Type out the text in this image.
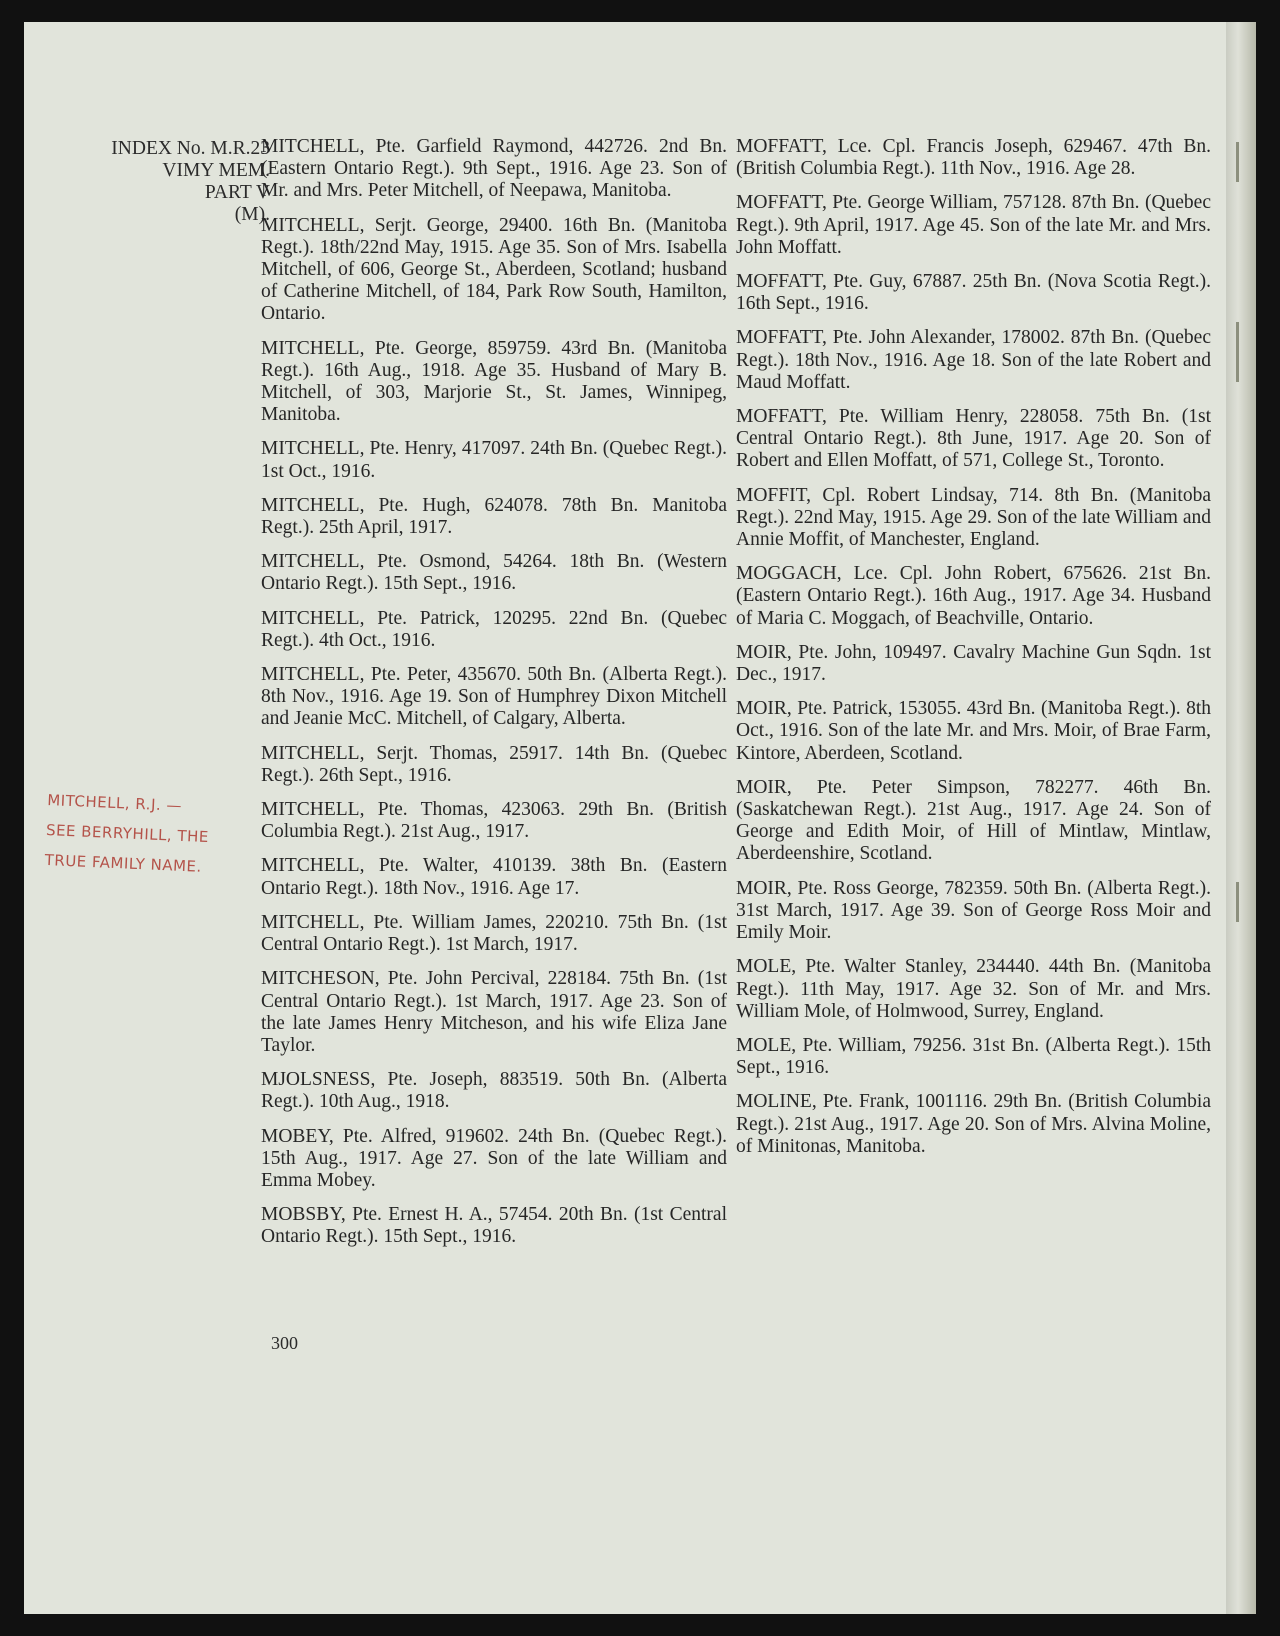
INDEX No. M.R.23
VIMY MEM.
PART V
(M).

MITCHELL, Pte. Garfield Raymond, 442726. 2nd Bn. (Eastern Ontario Regt.). 9th Sept., 1916. Age 23. Son of Mr. and Mrs. Peter Mitchell, of Neepawa, Manitoba.

MITCHELL, Serjt. George, 29400. 16th Bn. (Manitoba Regt.). 18th/22nd May, 1915. Age 35. Son of Mrs. Isabella Mitchell, of 606, George St., Aberdeen, Scotland; husband of Catherine Mitchell, of 184, Park Row South, Hamilton, Ontario.

MITCHELL, Pte. George, 859759. 43rd Bn. (Manitoba Regt.). 16th Aug., 1918. Age 35. Husband of Mary B. Mitchell, of 303, Marjorie St., St. James, Winnipeg, Manitoba.

MITCHELL, Pte. Henry, 417097. 24th Bn. (Quebec Regt.). 1st Oct., 1916.

MITCHELL, Pte. Hugh, 624078. 78th Bn. Manitoba Regt.). 25th April, 1917.

MITCHELL, Pte. Osmond, 54264. 18th Bn. (Western Ontario Regt.). 15th Sept., 1916.

MITCHELL, Pte. Patrick, 120295. 22nd Bn. (Quebec Regt.). 4th Oct., 1916.

MITCHELL, Pte. Peter, 435670. 50th Bn. (Alberta Regt.). 8th Nov., 1916. Age 19. Son of Humphrey Dixon Mitchell and Jeanie McC. Mitchell, of Calgary, Alberta.

MITCHELL, Serjt. Thomas, 25917. 14th Bn. (Quebec Regt.). 26th Sept., 1916.

MITCHELL, Pte. Thomas, 423063. 29th Bn. (British Columbia Regt.). 21st Aug., 1917.

MITCHELL, Pte. Walter, 410139. 38th Bn. (Eastern Ontario Regt.). 18th Nov., 1916. Age 17.

MITCHELL, Pte. William James, 220210. 75th Bn. (1st Central Ontario Regt.). 1st March, 1917.

MITCHESON, Pte. John Percival, 228184. 75th Bn. (1st Central Ontario Regt.). 1st March, 1917. Age 23. Son of the late James Henry Mitcheson, and his wife Eliza Jane Taylor.

MJOLSNESS, Pte. Joseph, 883519. 50th Bn. (Alberta Regt.). 10th Aug., 1918.

MOBEY, Pte. Alfred, 919602. 24th Bn. (Quebec Regt.). 15th Aug., 1917. Age 27. Son of the late William and Emma Mobey.

MOBSBY, Pte. Ernest H. A., 57454. 20th Bn. (1st Central Ontario Regt.). 15th Sept., 1916.

MOFFATT, Lce. Cpl. Francis Joseph, 629467. 47th Bn. (British Columbia Regt.). 11th Nov., 1916. Age 28.

MOFFATT, Pte. George William, 757128. 87th Bn. (Quebec Regt.). 9th April, 1917. Age 45. Son of the late Mr. and Mrs. John Moffatt.

MOFFATT, Pte. Guy, 67887. 25th Bn. (Nova Scotia Regt.). 16th Sept., 1916.

MOFFATT, Pte. John Alexander, 178002. 87th Bn. (Quebec Regt.). 18th Nov., 1916. Age 18. Son of the late Robert and Maud Moffatt.

MOFFATT, Pte. William Henry, 228058. 75th Bn. (1st Central Ontario Regt.). 8th June, 1917. Age 20. Son of Robert and Ellen Moffatt, of 571, College St., Toronto.

MOFFIT, Cpl. Robert Lindsay, 714. 8th Bn. (Manitoba Regt.). 22nd May, 1915. Age 29. Son of the late William and Annie Moffit, of Manchester, England.

MOGGACH, Lce. Cpl. John Robert, 675626. 21st Bn. (Eastern Ontario Regt.). 16th Aug., 1917. Age 34. Husband of Maria C. Moggach, of Beachville, Ontario.

MOIR, Pte. John, 109497. Cavalry Machine Gun Sqdn. 1st Dec., 1917.

MOIR, Pte. Patrick, 153055. 43rd Bn. (Manitoba Regt.). 8th Oct., 1916. Son of the late Mr. and Mrs. Moir, of Brae Farm, Kintore, Aberdeen, Scotland.

MOIR, Pte. Peter Simpson, 782277. 46th Bn. (Saskatchewan Regt.). 21st Aug., 1917. Age 24. Son of George and Edith Moir, of Hill of Mintlaw, Mintlaw, Aberdeenshire, Scotland.

MOIR, Pte. Ross George, 782359. 50th Bn. (Alberta Regt.). 31st March, 1917. Age 39. Son of George Ross Moir and Emily Moir.

MOLE, Pte. Walter Stanley, 234440. 44th Bn. (Manitoba Regt.). 11th May, 1917. Age 32. Son of Mr. and Mrs. William Mole, of Holmwood, Surrey, England.

MOLE, Pte. William, 79256. 31st Bn. (Alberta Regt.). 15th Sept., 1916.

MOLINE, Pte. Frank, 1001116. 29th Bn. (British Columbia Regt.). 21st Aug., 1917. Age 20. Son of Mrs. Alvina Moline, of Minitonas, Manitoba.

MITCHELL, R.J. —
SEE BERRYHILL, THE
TRUE FAMILY NAME.
300
